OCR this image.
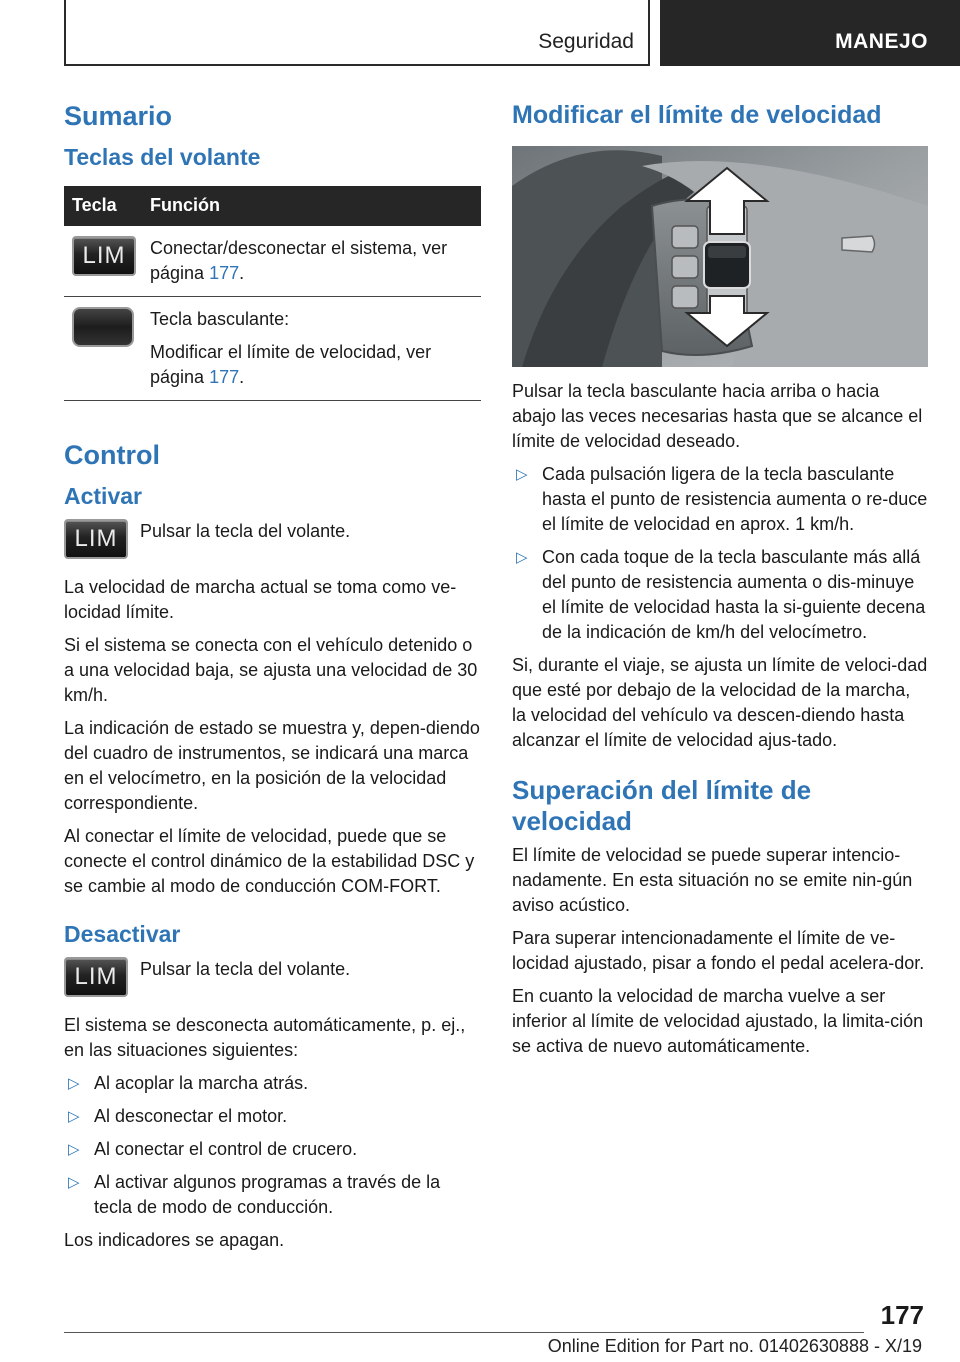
Seguridad	MANEJO
Sumario
Teclas del volante
Tecla	Función
LIM	Conectar/desconectar el sistema, ver página 177.

	Tecla basculante:

Modificar el límite de velocidad, ver página 177.

Control
Activar
LIM	Pulsar la tecla del volante.

La velocidad de marcha actual se toma como ve-locidad límite.

Si el sistema se conecta con el vehículo detenido o a una velocidad baja, se ajusta una velocidad de 30 km/h.

La indicación de estado se muestra y, depen-diendo del cuadro de instrumentos, se indicará una marca en el velocímetro, en la posición de la velocidad correspondiente.

Al conectar el límite de velocidad, puede que se conecte el control dinámico de la estabilidad DSC y se cambie al modo de conducción COM-FORT.

Desactivar
LIM	Pulsar la tecla del volante.

El sistema se desconecta automáticamente, p. ej., en las situaciones siguientes:

▷ Al acoplar la marcha atrás.
▷ Al desconectar el motor.
▷ Al conectar el control de crucero.
▷ Al activar algunos programas a través de la tecla de modo de conducción.

Los indicadores se apagan.

Modificar el límite de velocidad

Pulsar la tecla basculante hacia arriba o hacia abajo las veces necesarias hasta que se alcance el límite de velocidad deseado.

▷ Cada pulsación ligera de la tecla basculante hasta el punto de resistencia aumenta o re-duce el límite de velocidad en aprox. 1 km/h.
▷ Con cada toque de la tecla basculante más allá del punto de resistencia aumenta o dis-minuye el límite de velocidad hasta la si-guiente decena de la indicación de km/h del velocímetro.

Si, durante el viaje, se ajusta un límite de veloci-dad que esté por debajo de la velocidad de la marcha, la velocidad del vehículo va descen-diendo hasta alcanzar el límite de velocidad ajus-tado.

Superación del límite de velocidad

El límite de velocidad se puede superar intencio-nadamente. En esta situación no se emite nin-gún aviso acústico.

Para superar intencionadamente el límite de ve-locidad ajustado, pisar a fondo el pedal acelera-dor.

En cuanto la velocidad de marcha vuelve a ser inferior al límite de velocidad ajustado, la limita-ción se activa de nuevo automáticamente.

177
Online Edition for Part no. 01402630888 - X/19
